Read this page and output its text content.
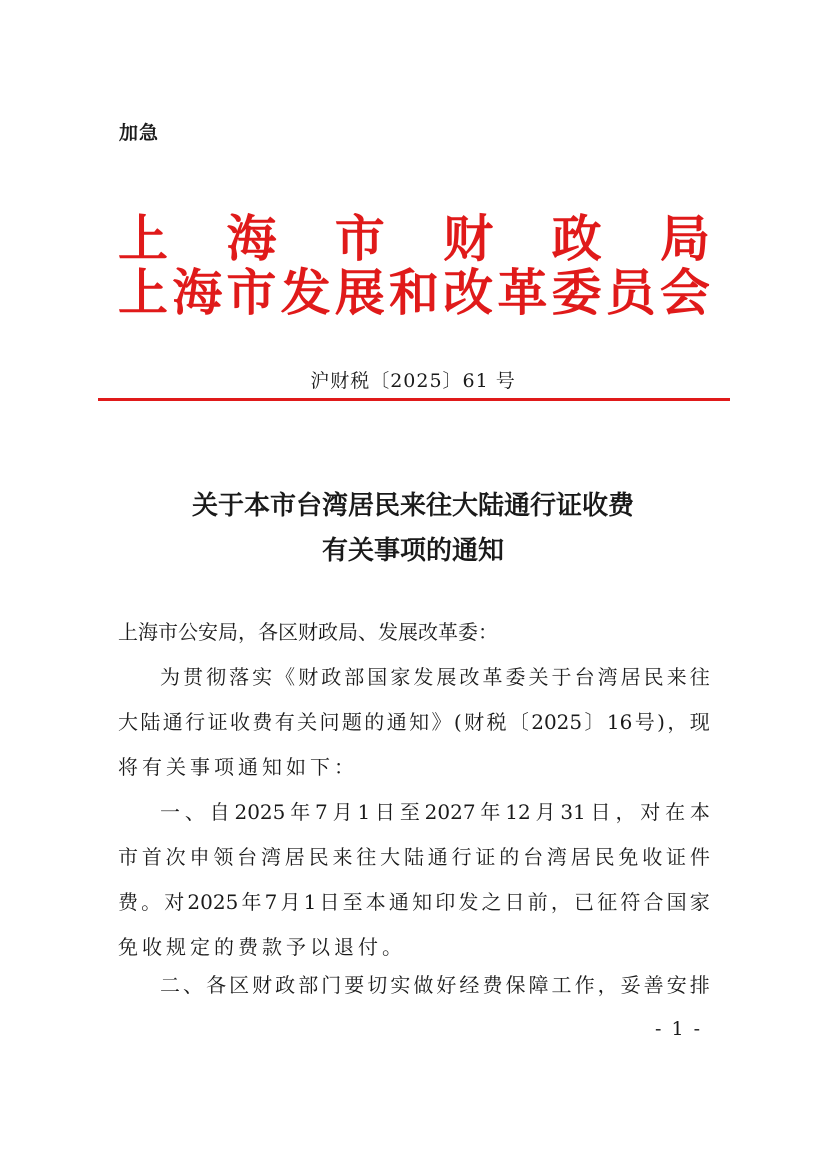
加急
上 海 市 财 政 局
上 海 市 发 展 和 改 革 委 员 会
沪财税〔2025〕61 号
关于本市台湾居民来往大陆通行证收费
有关事项的通知
上海市公安局，各区财政局、发展改革委：
为 贯 彻 落 实 《 财 政 部 国 家 发 展 改 革 委 关 于 台 湾 居 民 来 往
大 陆 通 行 证 收 费 有 关 问 题 的 通 知 》 ( 财 税 〔 2025 〕 16 号 ) ， 现
将有关事项通知如下：
一 、 自 2025 年 7 月 1 日 至 2027 年 12 月 31 日 ， 对 在 本
市 首 次 申 领 台 湾 居 民 来 往 大 陆 通 行 证 的 台 湾 居 民 免 收 证 件
费 。 对 2025 年 7 月 1 日 至 本 通 知 印 发 之 日 前 ， 已 征 符 合 国 家
免收规定的费款予以退付。
二 、 各 区 财 政 部 门 要 切 实 做 好 经 费 保 障 工 作 ， 妥 善 安 排
- 1 -
